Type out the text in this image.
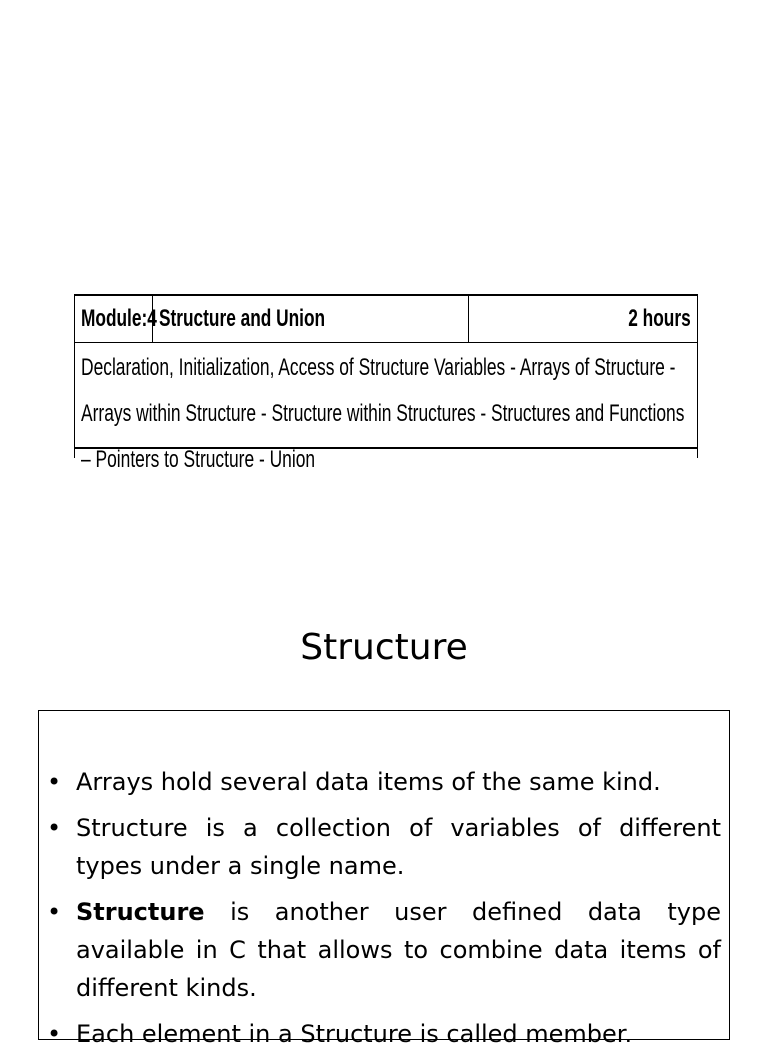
Module:4 Structure and Union	2 hours
Declaration, Initialization, Access of Structure Variables - Arrays of Structure - Arrays within Structure - Structure within Structures - Structures and Functions – Pointers to Structure - Union
Structure
• Arrays hold several data items of the same kind.
• Structure is a collection of variables of different types under a single name.
• Structure is another user defined data type available in C that allows to combine data items of different kinds.
• Each element in a Structure is called member.
